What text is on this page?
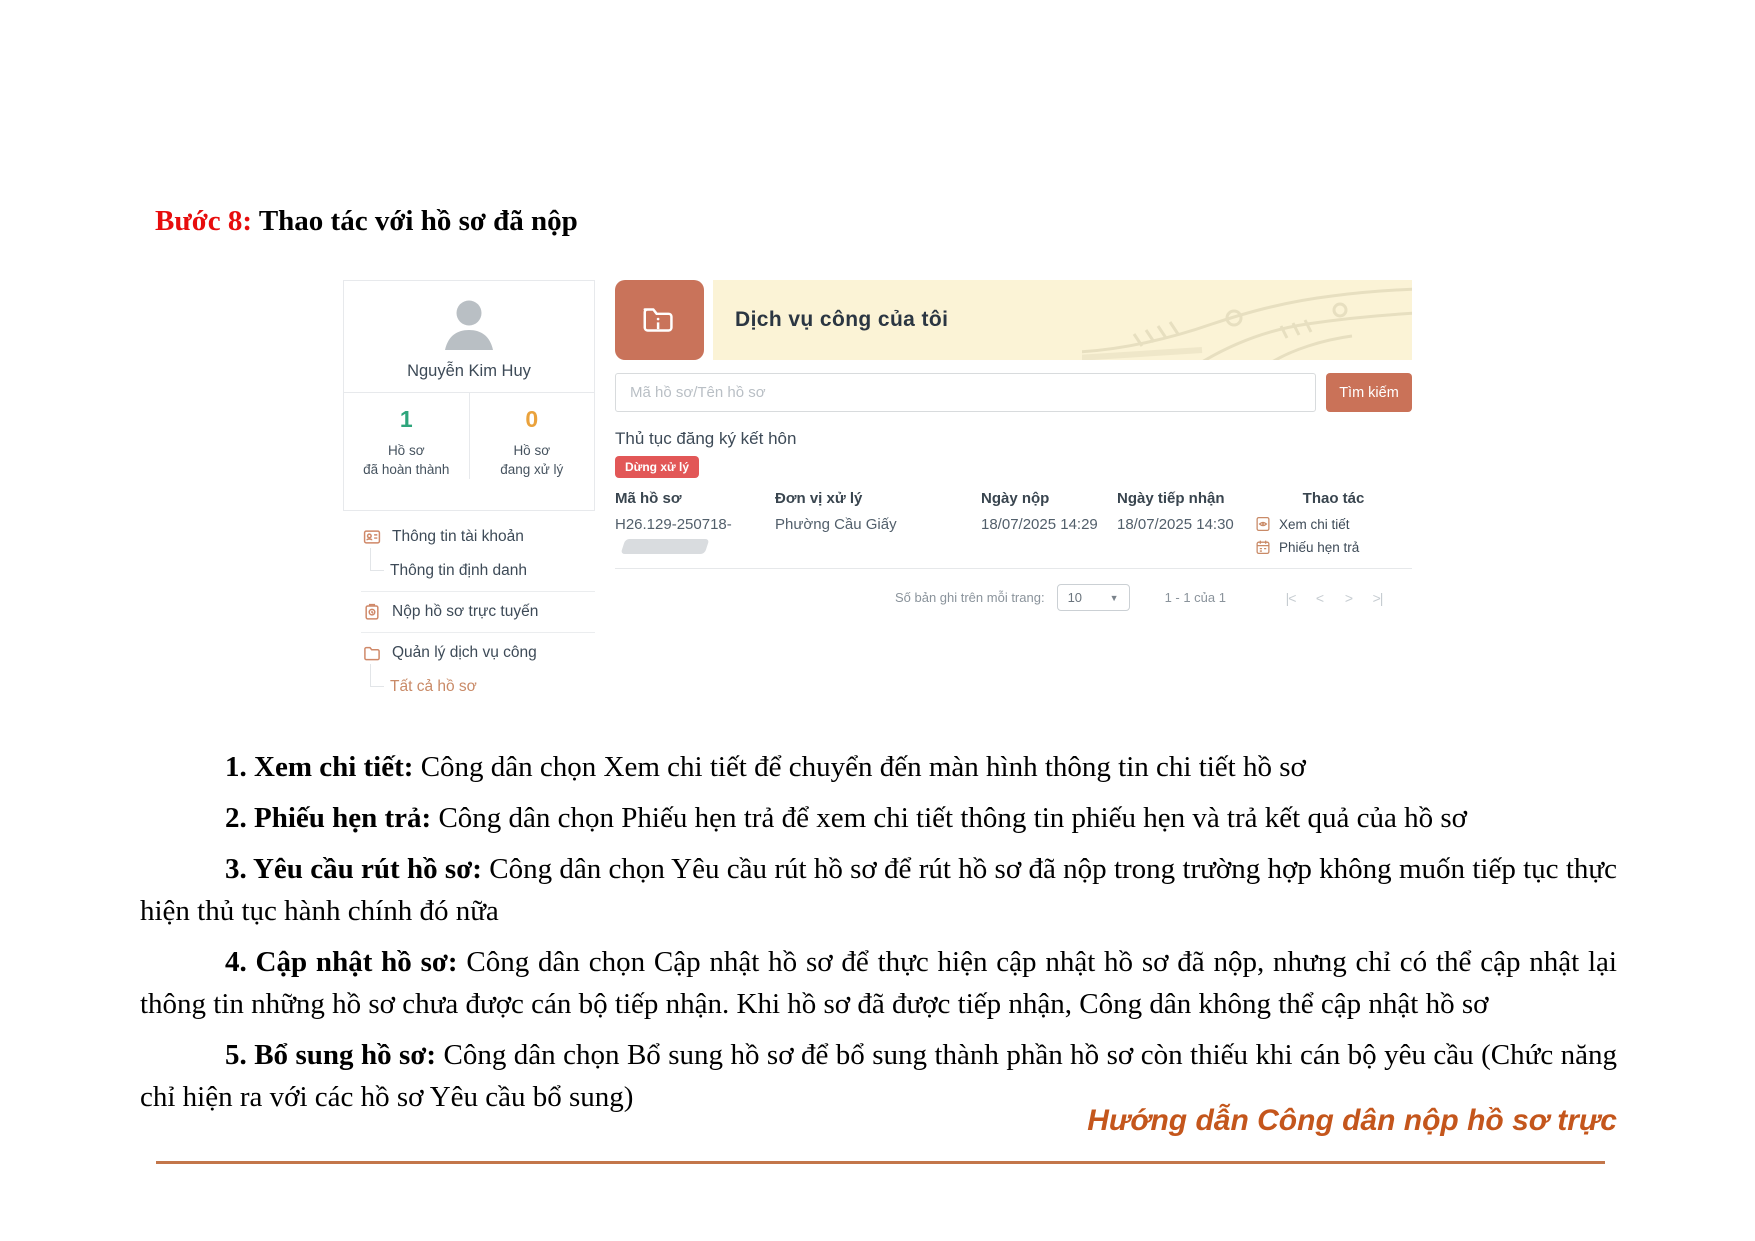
Bước 8: Thao tác với hồ sơ đã nộp
Nguyễn Kim Huy
1
Hồ sơ
đã hoàn thành
0
Hồ sơ
đang xử lý
Thông tin tài khoản
Thông tin định danh
Nộp hồ sơ trực tuyến
Quản lý dịch vụ công
Tất cả hồ sơ
Dịch vụ công của tôi
Mã hồ sơ/Tên hồ sơ
Tìm kiếm
Thủ tục đăng ký kết hôn
Dừng xử lý
Mã hồ sơ	Đơn vị xử lý	Ngày nộp	Ngày tiếp nhận	Thao tác
H26.129-250718-	Phường Cầu Giấy	18/07/2025 14:29	18/07/2025 14:30	Xem chi tiết
Phiếu hẹn trả
Số bản ghi trên mỗi trang: 10	▼	1 - 1 của 1	|<	<	>	>|

1. Xem chi tiết: Công dân chọn Xem chi tiết để chuyển đến màn hình thông tin chi tiết hồ sơ

2. Phiếu hẹn trả: Công dân chọn Phiếu hẹn trả để xem chi tiết thông tin phiếu hẹn và trả kết quả của hồ sơ

3. Yêu cầu rút hồ sơ: Công dân chọn Yêu cầu rút hồ sơ để rút hồ sơ đã nộp trong trường hợp không muốn tiếp tục thực hiện thủ tục hành chính đó nữa

4. Cập nhật hồ sơ: Công dân chọn Cập nhật hồ sơ để thực hiện cập nhật hồ sơ đã nộp, nhưng chỉ có thể cập nhật lại thông tin những hồ sơ chưa được cán bộ tiếp nhận. Khi hồ sơ đã được tiếp nhận, Công dân không thể cập nhật hồ sơ

5. Bổ sung hồ sơ: Công dân chọn Bổ sung hồ sơ để bổ sung thành phần hồ sơ còn thiếu khi cán bộ yêu cầu (Chức năng chỉ hiện ra với các hồ sơ Yêu cầu bổ sung)

Hướng dẫn Công dân nộp hồ sơ trực
